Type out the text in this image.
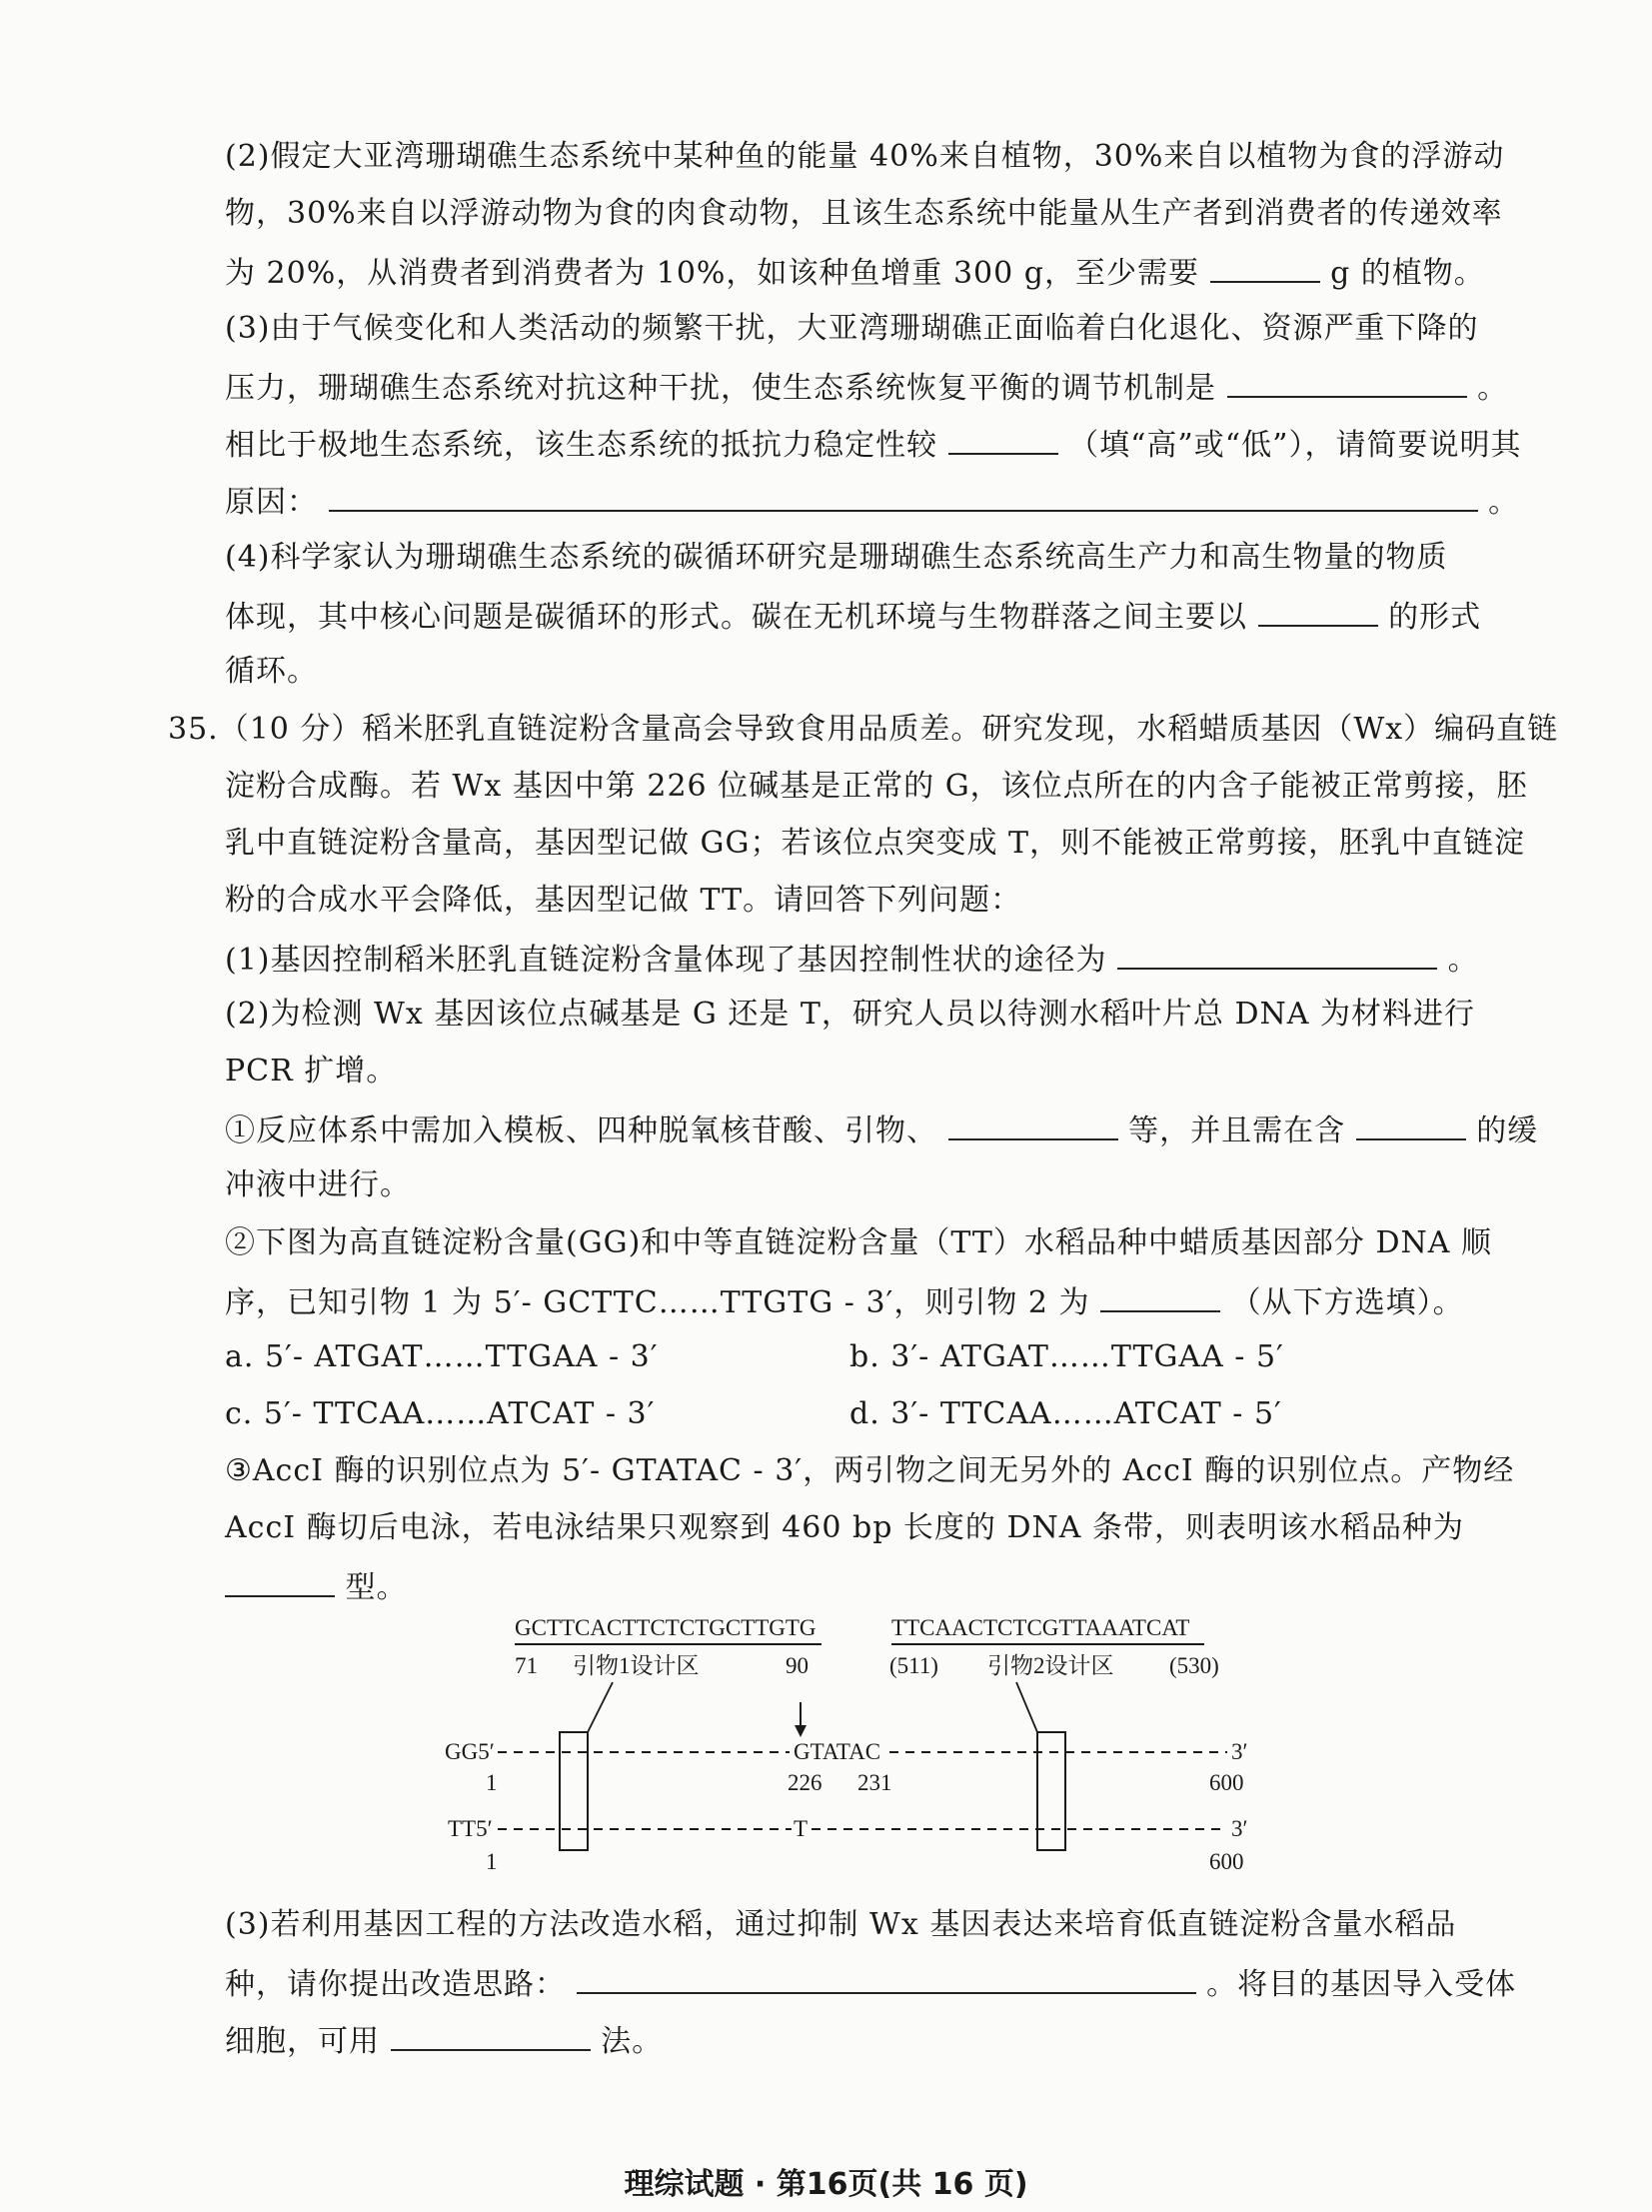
(2)假定大亚湾珊瑚礁生态系统中某种鱼的能量 40%来自植物，30%来自以植物为食的浮游动
物，30%来自以浮游动物为食的肉食动物，且该生态系统中能量从生产者到消费者的传递效率
为 20%，从消费者到消费者为 10%，如该种鱼增重 300 g，至少需要	g 的植物。
(3)由于气候变化和人类活动的频繁干扰，大亚湾珊瑚礁正面临着白化退化、资源严重下降的
压力，珊瑚礁生态系统对抗这种干扰，使生态系统恢复平衡的调节机制是	。
相比于极地生态系统，该生态系统的抵抗力稳定性较	（填“高”或“低”），请简要说明其
原因：	。
(4)科学家认为珊瑚礁生态系统的碳循环研究是珊瑚礁生态系统高生产力和高生物量的物质
体现，其中核心问题是碳循环的形式。碳在无机环境与生物群落之间主要以	的形式
循环。
35.（10 分）稻米胚乳直链淀粉含量高会导致食用品质差。研究发现，水稻蜡质基因（Wx）编码直链
淀粉合成酶。若 Wx 基因中第 226 位碱基是正常的 G，该位点所在的内含子能被正常剪接，胚
乳中直链淀粉含量高，基因型记做 GG；若该位点突变成 T，则不能被正常剪接，胚乳中直链淀
粉的合成水平会降低，基因型记做 TT。请回答下列问题：
(1)基因控制稻米胚乳直链淀粉含量体现了基因控制性状的途径为	。
(2)为检测 Wx 基因该位点碱基是 G 还是 T，研究人员以待测水稻叶片总 DNA 为材料进行
PCR 扩增。
①反应体系中需加入模板、四种脱氧核苷酸、引物、	等，并且需在含	的缓
冲液中进行。
②下图为高直链淀粉含量(GG)和中等直链淀粉含量（TT）水稻品种中蜡质基因部分 DNA 顺
序，已知引物 1 为 5′- GCTTC……TTGTG - 3′，则引物 2 为	（从下方选填）。
a. 5′- ATGAT……TTGAA - 3′	b. 3′- ATGAT……TTGAA - 5′
c. 5′- TTCAA……ATCAT - 3′	d. 3′- TTCAA……ATCAT - 5′
③AccI 酶的识别位点为 5′- GTATAC - 3′，两引物之间无另外的 AccI 酶的识别位点。产物经
AccI 酶切后电泳，若电泳结果只观察到 460 bp 长度的 DNA 条带，则表明该水稻品种为
型。
GCTTCACTTCTCTGCTTGTG
71 引物1设计区	90
TTCAACTCTCGTTAAATCAT
(511) 引物2设计区 (530)
GG5′	GTATAC	3′
1	226 231	600
TT5′	T	3′
1	600
(3)若利用基因工程的方法改造水稻，通过抑制 Wx 基因表达来培育低直链淀粉含量水稻品
种，请你提出改造思路：	。将目的基因导入受体
细胞，可用	法。
理综试题 · 第16页(共 16 页)
